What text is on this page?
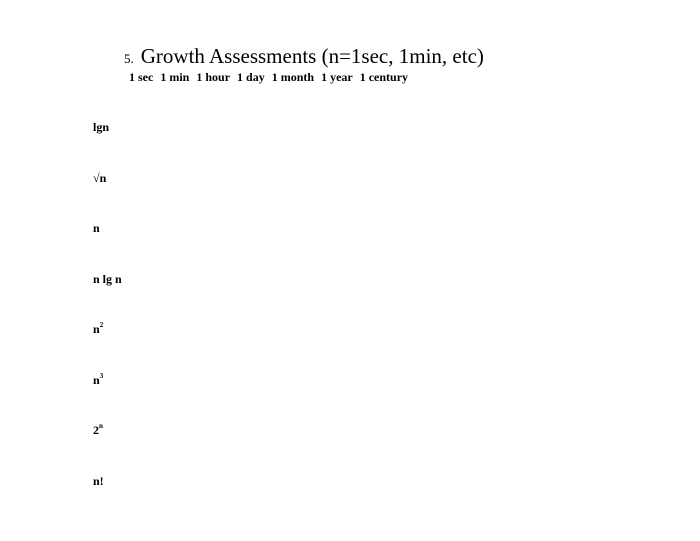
5. Growth Assessments (n=1sec, 1min, etc)
1 sec 1 min 1 hour 1 day 1 month 1 year 1 century
lgn
√n
n
n lg n
$n^2$
$n^3$
2$^n$
n!
